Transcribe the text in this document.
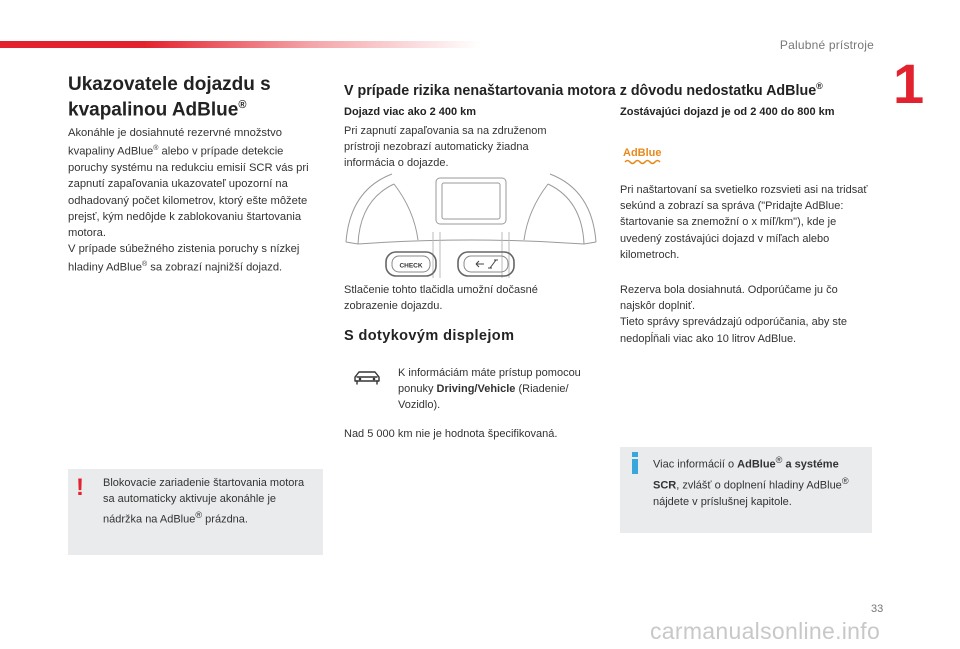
Palubné prístroje
1
Ukazovatele dojazdu s kvapalinou AdBlue®
Akonáhle je dosiahnuté rezervné množstvo kvapaliny AdBlue® alebo v prípade detekcie poruchy systému na redukciu emisií SCR vás pri zapnutí zapaľovania ukazovateľ upozorní na odhadovaný počet kilometrov, ktorý ešte môžete prejsť, kým nedôjde k zablokovaniu štartovania motora.
V prípade súbežného zistenia poruchy s nízkej hladiny AdBlue® sa zobrazí najnižší dojazd.
! Blokovacie zariadenie štartovania motora sa automaticky aktivuje akonáhle je nádržka na AdBlue® prázdna.
V prípade rizika nenaštartovania motora z dôvodu nedostatku AdBlue®
Dojazd viac ako 2 400 km
Pri zapnutí zapaľovania sa na združenom prístroji nezobrazí automaticky žiadna informácia o dojazde.
CHECK
Stlačenie tohto tlačidla umožní dočasné zobrazenie dojazdu.
S dotykovým displejom
K informáciám máte prístup pomocou ponuky Driving/Vehicle (Riadenie/ Vozidlo).
Nad 5 000 km nie je hodnota špecifikovaná.
Zostávajúci dojazd je od 2 400 do 800 km
AdBlue
Pri naštartovaní sa svetielko rozsvieti asi na tridsať sekúnd a zobrazí sa správa ("Pridajte AdBlue: štartovanie sa znemožní o x míľ/km"), kde je uvedený zostávajúci dojazd v míľach alebo kilometroch.
Rezerva bola dosiahnutá. Odporúčame ju čo najskôr doplniť.
Tieto správy sprevádzajú odporúčania, aby ste nedopĺňali viac ako 10 litrov AdBlue.
Viac informácií o AdBlue® a systéme SCR, zvlášť o doplnení hladiny AdBlue® nájdete v príslušnej kapitole.
33
carmanualsonline.info
